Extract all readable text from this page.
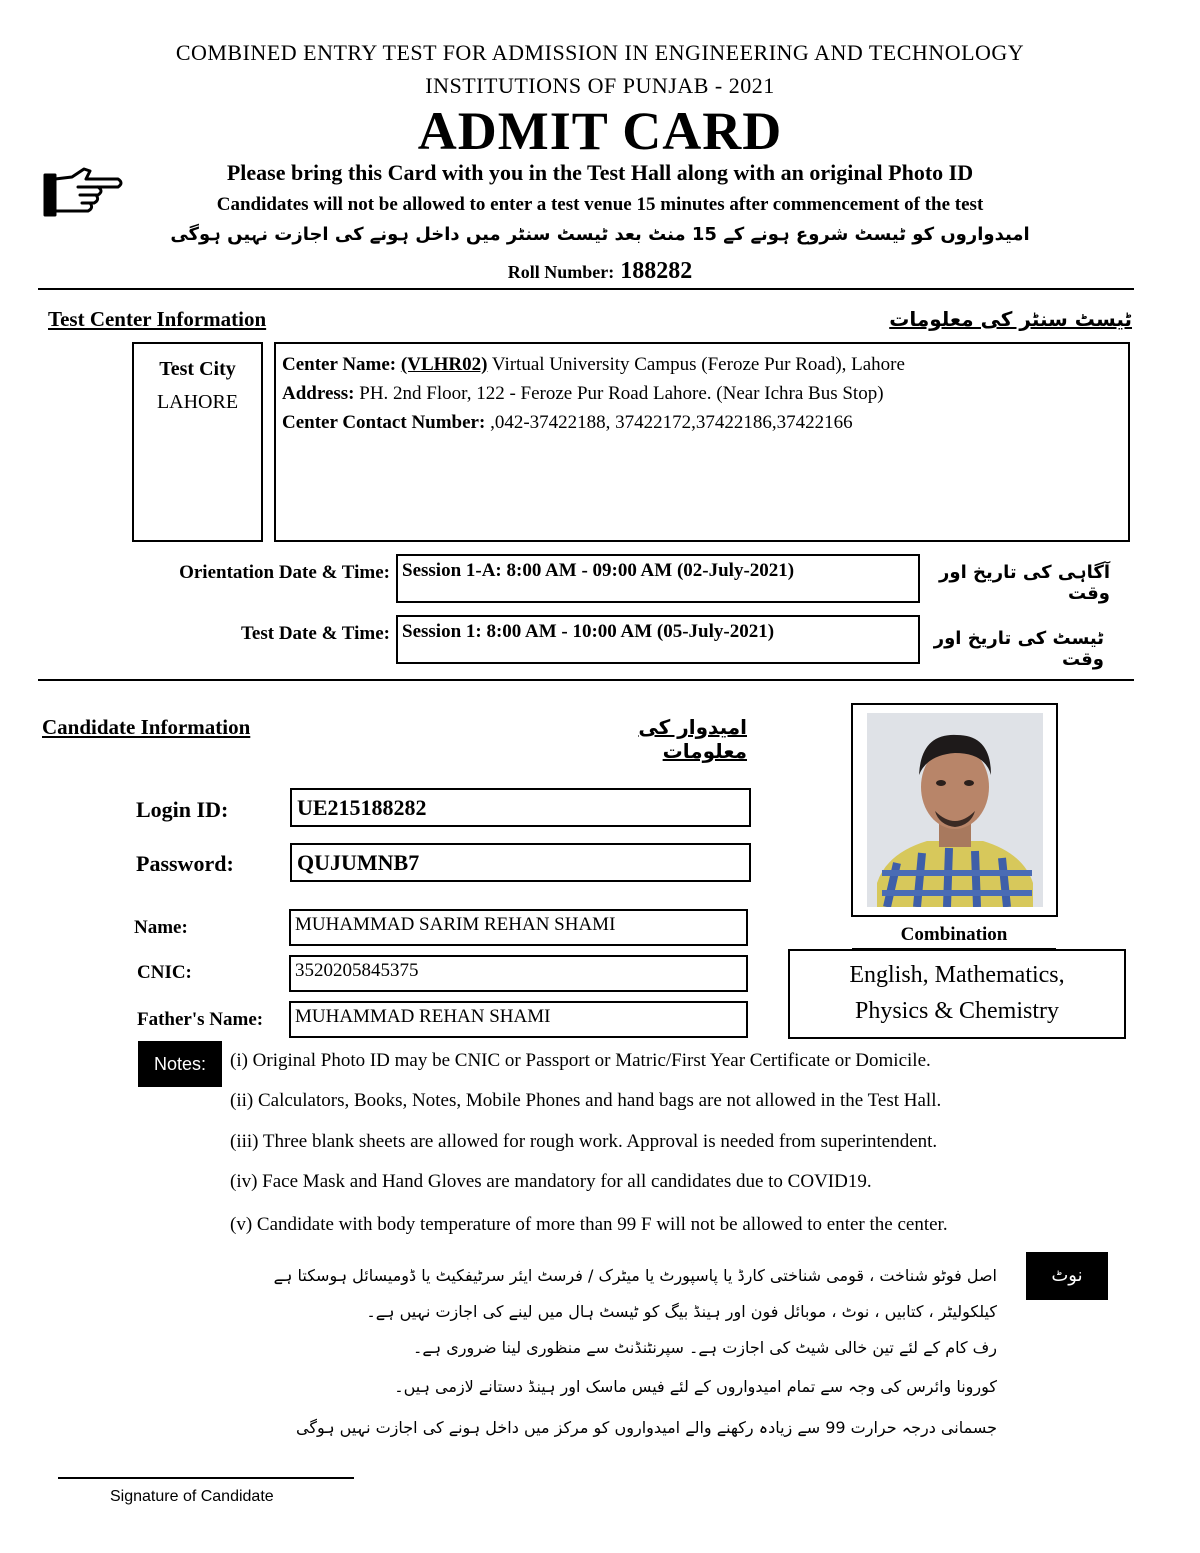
COMBINED ENTRY TEST FOR ADMISSION IN ENGINEERING AND TECHNOLOGY
INSTITUTIONS OF PUNJAB - 2021
ADMIT CARD
Please bring this Card with you in the Test Hall along with an original Photo ID
Candidates will not be allowed to enter a test venue 15 minutes after commencement of the test
امیدواروں کو ٹیسٹ شروع ہونے کے 15 منٹ بعد ٹیسٹ سنٹر میں داخل ہونے کی اجازت نہیں ہوگی
Roll Number: 188282
Test Center Information	ٹیسٹ سنٹر کی معلومات
Test City
LAHORE
Center Name: (VLHR02) Virtual University Campus (Feroze Pur Road), Lahore
Address: PH. 2nd Floor, 122 - Feroze Pur Road Lahore. (Near Ichra Bus Stop)
Center Contact Number: ,042-37422188, 37422172,37422186,37422166
Orientation Date & Time: Session 1-A: 8:00 AM - 09:00 AM (02-July-2021)	آگاہی کی تاریخ اور وقت
Test Date & Time: Session 1: 8:00 AM - 10:00 AM (05-July-2021)	ٹیسٹ کی تاریخ اور وقت
Candidate Information	امیدوار کی معلومات
Login ID:	UE215188282
Password:	QUJUMNB7
Name:	MUHAMMAD SARIM REHAN SHAMI
CNIC:	3520205845375
Father's Name: MUHAMMAD REHAN SHAMI
Combination
English, Mathematics,
Physics & Chemistry
Notes:	(i) Original Photo ID may be CNIC or Passport or Matric/First Year Certificate or Domicile.
(ii) Calculators, Books, Notes, Mobile Phones and hand bags are not allowed in the Test Hall.
(iii) Three blank sheets are allowed for rough work. Approval is needed from superintendent.
(iv) Face Mask and Hand Gloves are mandatory for all candidates due to COVID19.
(v) Candidate with body temperature of more than 99 F will not be allowed to enter the center.
نوٹ
اصل فوٹو شناخت ، قومی شناختی کارڈ یا پاسپورٹ یا میٹرک / فرسٹ ایئر سرٹیفکیٹ یا ڈومیسائل ہوسکتا ہے
کیلکولیٹر ، کتابیں ، نوٹ ، موبائل فون اور ہینڈ بیگ کو ٹیسٹ ہال میں لینے کی اجازت نہیں ہے۔
رف کام کے لئے تین خالی شیٹ کی اجازت ہے۔ سپرنٹنڈنٹ سے منظوری لینا ضروری ہے۔
کورونا وائرس کی وجہ سے تمام امیدواروں کے لئے فیس ماسک اور ہینڈ دستانے لازمی ہیں۔
جسمانی درجہ حرارت 99 سے زیادہ رکھنے والے امیدواروں کو مرکز میں داخل ہونے کی اجازت نہیں ہوگی
Signature of Candidate
